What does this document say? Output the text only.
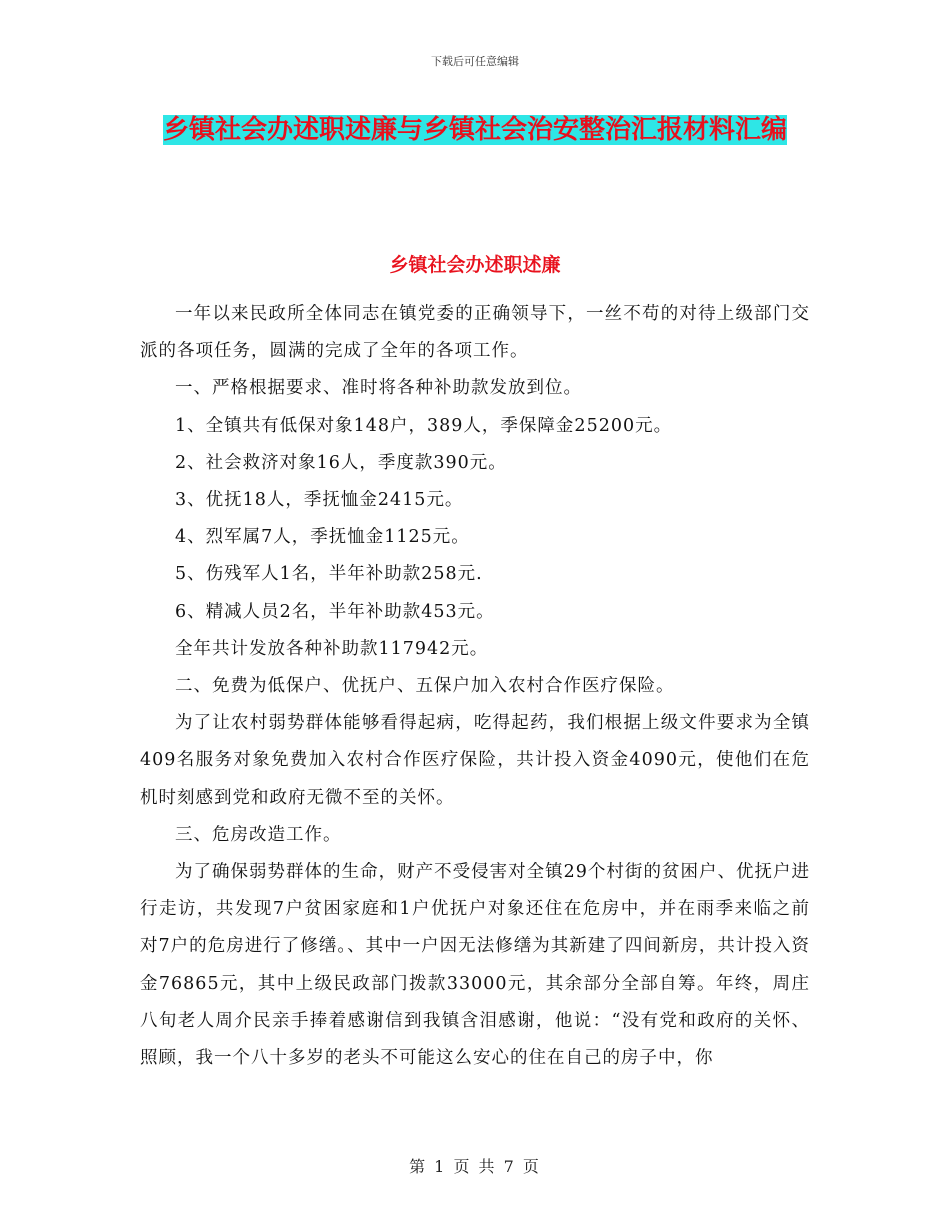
下载后可任意编辑
乡镇社会办述职述廉与乡镇社会治安整治汇报材料汇编
乡镇社会办述职述廉

一年以来民政所全体同志在镇党委的正确领导下，一丝不苟的对待上级部门交派的各项任务，圆满的完成了全年的各项工作。

一、严格根据要求、准时将各种补助款发放到位。

1、全镇共有低保对象148户，389人，季保障金25200元。

2、社会救济对象16人，季度款390元。

3、优抚18人，季抚恤金2415元。

4、烈军属7人，季抚恤金1125元。

5、伤残军人1名，半年补助款258元.

6、精减人员2名，半年补助款453元。

全年共计发放各种补助款117942元。

二、免费为低保户、优抚户、五保户加入农村合作医疗保险。

为了让农村弱势群体能够看得起病，吃得起药，我们根据上级文件要求为全镇409名服务对象免费加入农村合作医疗保险，共计投入资金4090元，使他们在危机时刻感到党和政府无微不至的关怀。

三、危房改造工作。

为了确保弱势群体的生命，财产不受侵害对全镇29个村街的贫困户、优抚户进行走访，共发现7户贫困家庭和1户优抚户对象还住在危房中，并在雨季来临之前对7户的危房进行了修缮。、其中一户因无法修缮为其新建了四间新房，共计投入资金76865元，其中上级民政部门拨款33000元，其余部分全部自筹。年终，周庄八旬老人周介民亲手捧着感谢信到我镇含泪感谢，他说：“没有党和政府的关怀、照顾，我一个八十多岁的老头不可能这么安心的住在自己的房子中，你

第 1 页 共 7 页
